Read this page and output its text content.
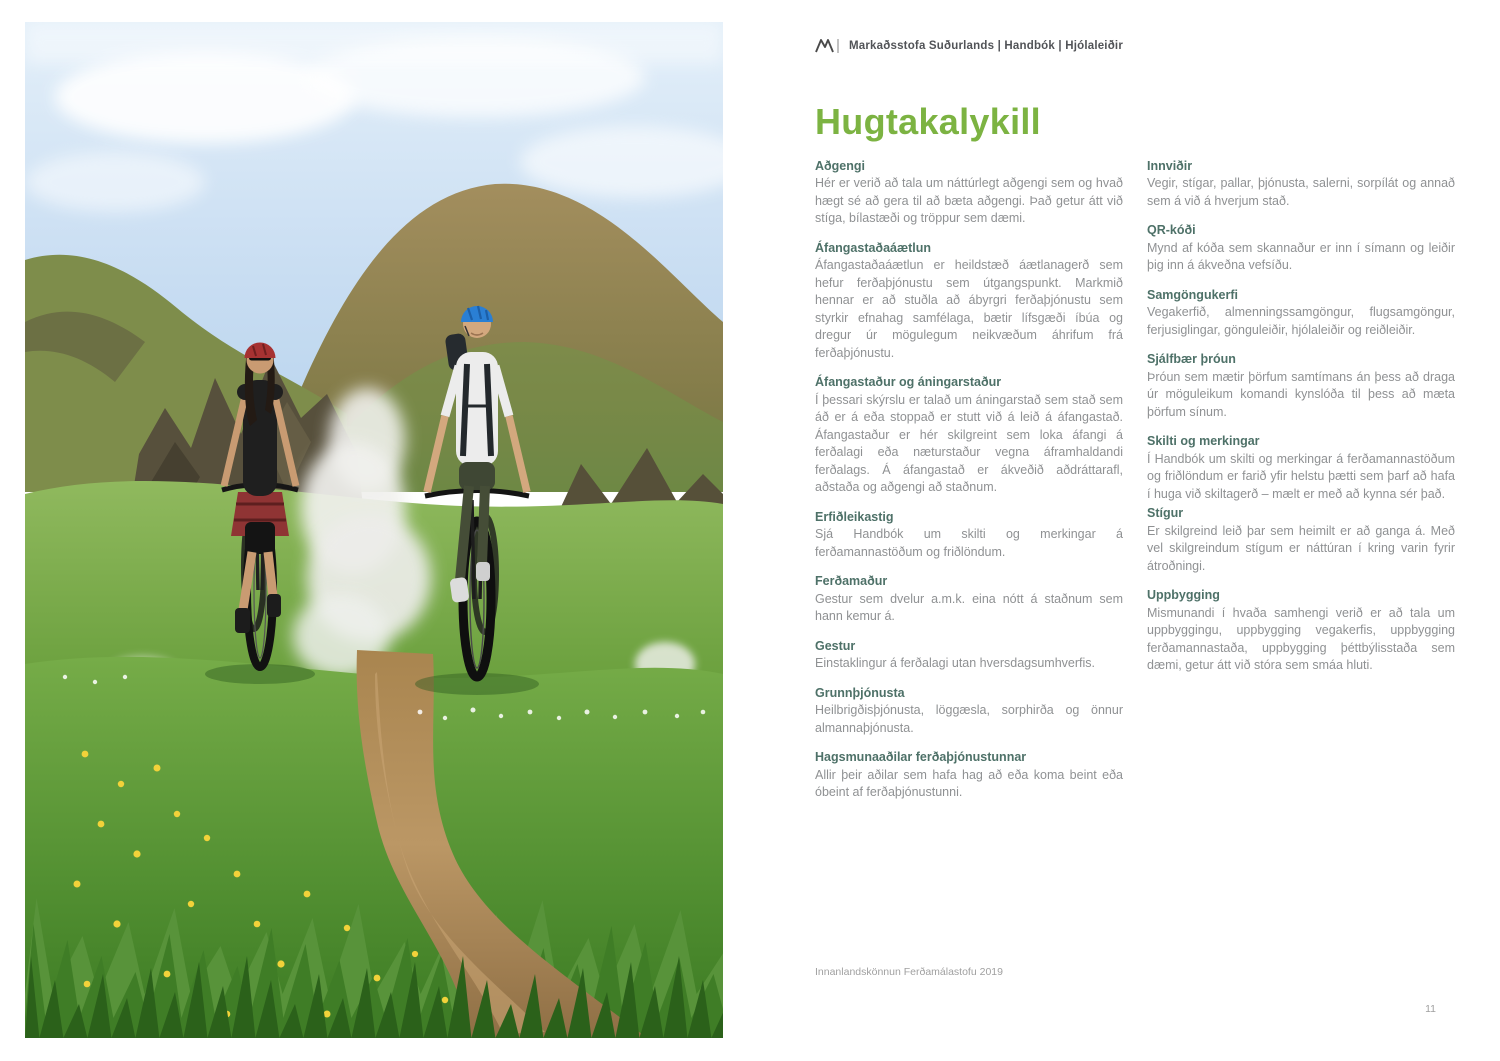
Markaðsstofa Suðurlands | Handbók | Hjólaleiðir
Hugtakalykill
Aðgengi
Hér er verið að tala um náttúrlegt aðgengi sem og hvað hægt sé að gera til að bæta aðgengi. Það getur átt við stíga, bílastæði og tröppur sem dæmi.
Áfangastaðaáætlun
Áfangastaðaáætlun er heildstæð áætlanagerð sem hefur ferðaþjónustu sem útgangspunkt. Markmið hennar er að stuðla að ábyrgri ferðaþjónustu sem styrkir efnahag samfélaga, bætir lífsgæði íbúa og dregur úr mögulegum neikvæðum áhrifum frá ferðaþjónustu.
Áfangastaður og áningarstaður
Í þessari skýrslu er talað um áningarstað sem stað sem áð er á eða stoppað er stutt við á leið á áfangastað. Áfangastaður er hér skilgreint sem loka áfangi á ferðalagi eða næturstaður vegna áframhaldandi ferðalags. Á áfangastað er ákveðið aðdráttarafl, aðstaða og aðgengi að staðnum.
Erfiðleikastig
Sjá Handbók um skilti og merkingar á ferðamannastöðum og friðlöndum.
Ferðamaður
Gestur sem dvelur a.m.k. eina nótt á staðnum sem hann kemur á.
Gestur
Einstaklingur á ferðalagi utan hversdagsumhverfis.
Grunnþjónusta
Heilbrigðisþjónusta, löggæsla, sorphirða og önnur almannaþjónusta.
Hagsmunaaðilar ferðaþjónustunnar
Allir þeir aðilar sem hafa hag að eða koma beint eða óbeint af ferðaþjónustunni.
Innviðir
Vegir, stígar, pallar, þjónusta, salerni, sorpílát og annað sem á við á hverjum stað.
QR-kóði
Mynd af kóða sem skannaður er inn í símann og leiðir þig inn á ákveðna vefsíðu.
Samgöngukerfi
Vegakerfið, almenningssamgöngur, flugsamgöngur, ferjusiglingar, gönguleiðir, hjólaleiðir og reiðleiðir.
Sjálfbær þróun
Þróun sem mætir þörfum samtímans án þess að draga úr möguleikum komandi kynslóða til þess að mæta þörfum sínum.
Skilti og merkingar
Í Handbók um skilti og merkingar á ferðamannastöðum og friðlöndum er farið yfir helstu þætti sem þarf að hafa í huga við skiltagerð – mælt er með að kynna sér það.
Stígur
Er skilgreind leið þar sem heimilt er að ganga á. Með vel skilgreindum stígum er náttúran í kring varin fyrir átroðningi.
Uppbygging
Mismunandi í hvaða samhengi verið er að tala um uppbyggingu, uppbygging vegakerfis, uppbygging ferðamannastaða, uppbygging þéttbýlisstaða sem dæmi, getur átt við stóra sem smáa hluti.
Innanlandskönnun Ferðamálastofu 2019
11
